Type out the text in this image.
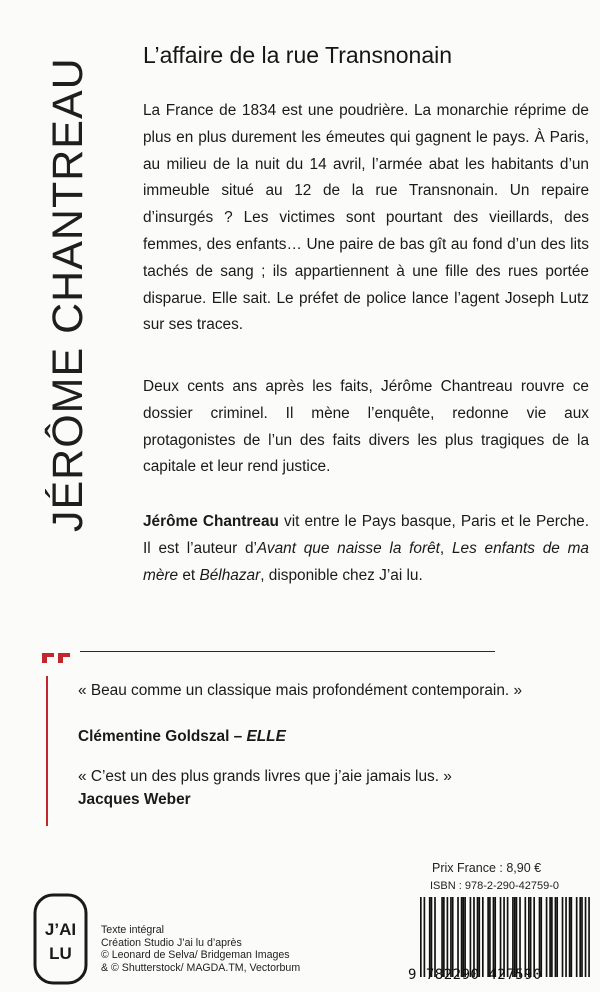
JÉRÔME CHANTREAU
L’affaire de la rue Transnonain

La France de 1834 est une poudrière. La monarchie réprime de plus en plus durement les émeutes qui gagnent le pays. À Paris, au milieu de la nuit du 14 avril, l’armée abat les habitants d’un immeuble situé au 12 de la rue Transnonain. Un repaire d’insurgés ? Les victimes sont pourtant des vieillards, des femmes, des enfants… Une paire de bas gît au fond d’un des lits tachés de sang ; ils appartiennent à une fille des rues portée disparue. Elle sait. Le préfet de police lance l’agent Joseph Lutz sur ses traces.

Deux cents ans après les faits, Jérôme Chantreau rouvre ce dossier criminel. Il mène l’enquête, redonne vie aux protagonistes de l’un des faits divers les plus tragiques de la capitale et leur rend justice.

Jérôme Chantreau vit entre le Pays basque, Paris et le Perche. Il est l’auteur d’Avant que naisse la forêt, Les enfants de ma mère et Bélhazar, disponible chez J’ai lu.

« Beau comme un classique mais profondément contemporain. »

Clémentine Goldszal – ELLE

« C’est un des plus grands livres que j’aie jamais lus. »

Jacques Weber

Prix France : 8,90 €
ISBN : 978-2-290-42759-0
9 782290 427590
J’AI
LU
Texte intégral
Création Studio J’ai lu d’après
© Leonard de Selva/ Bridgeman Images
& © Shutterstock/ MAGDA.TM, Vectorbum
